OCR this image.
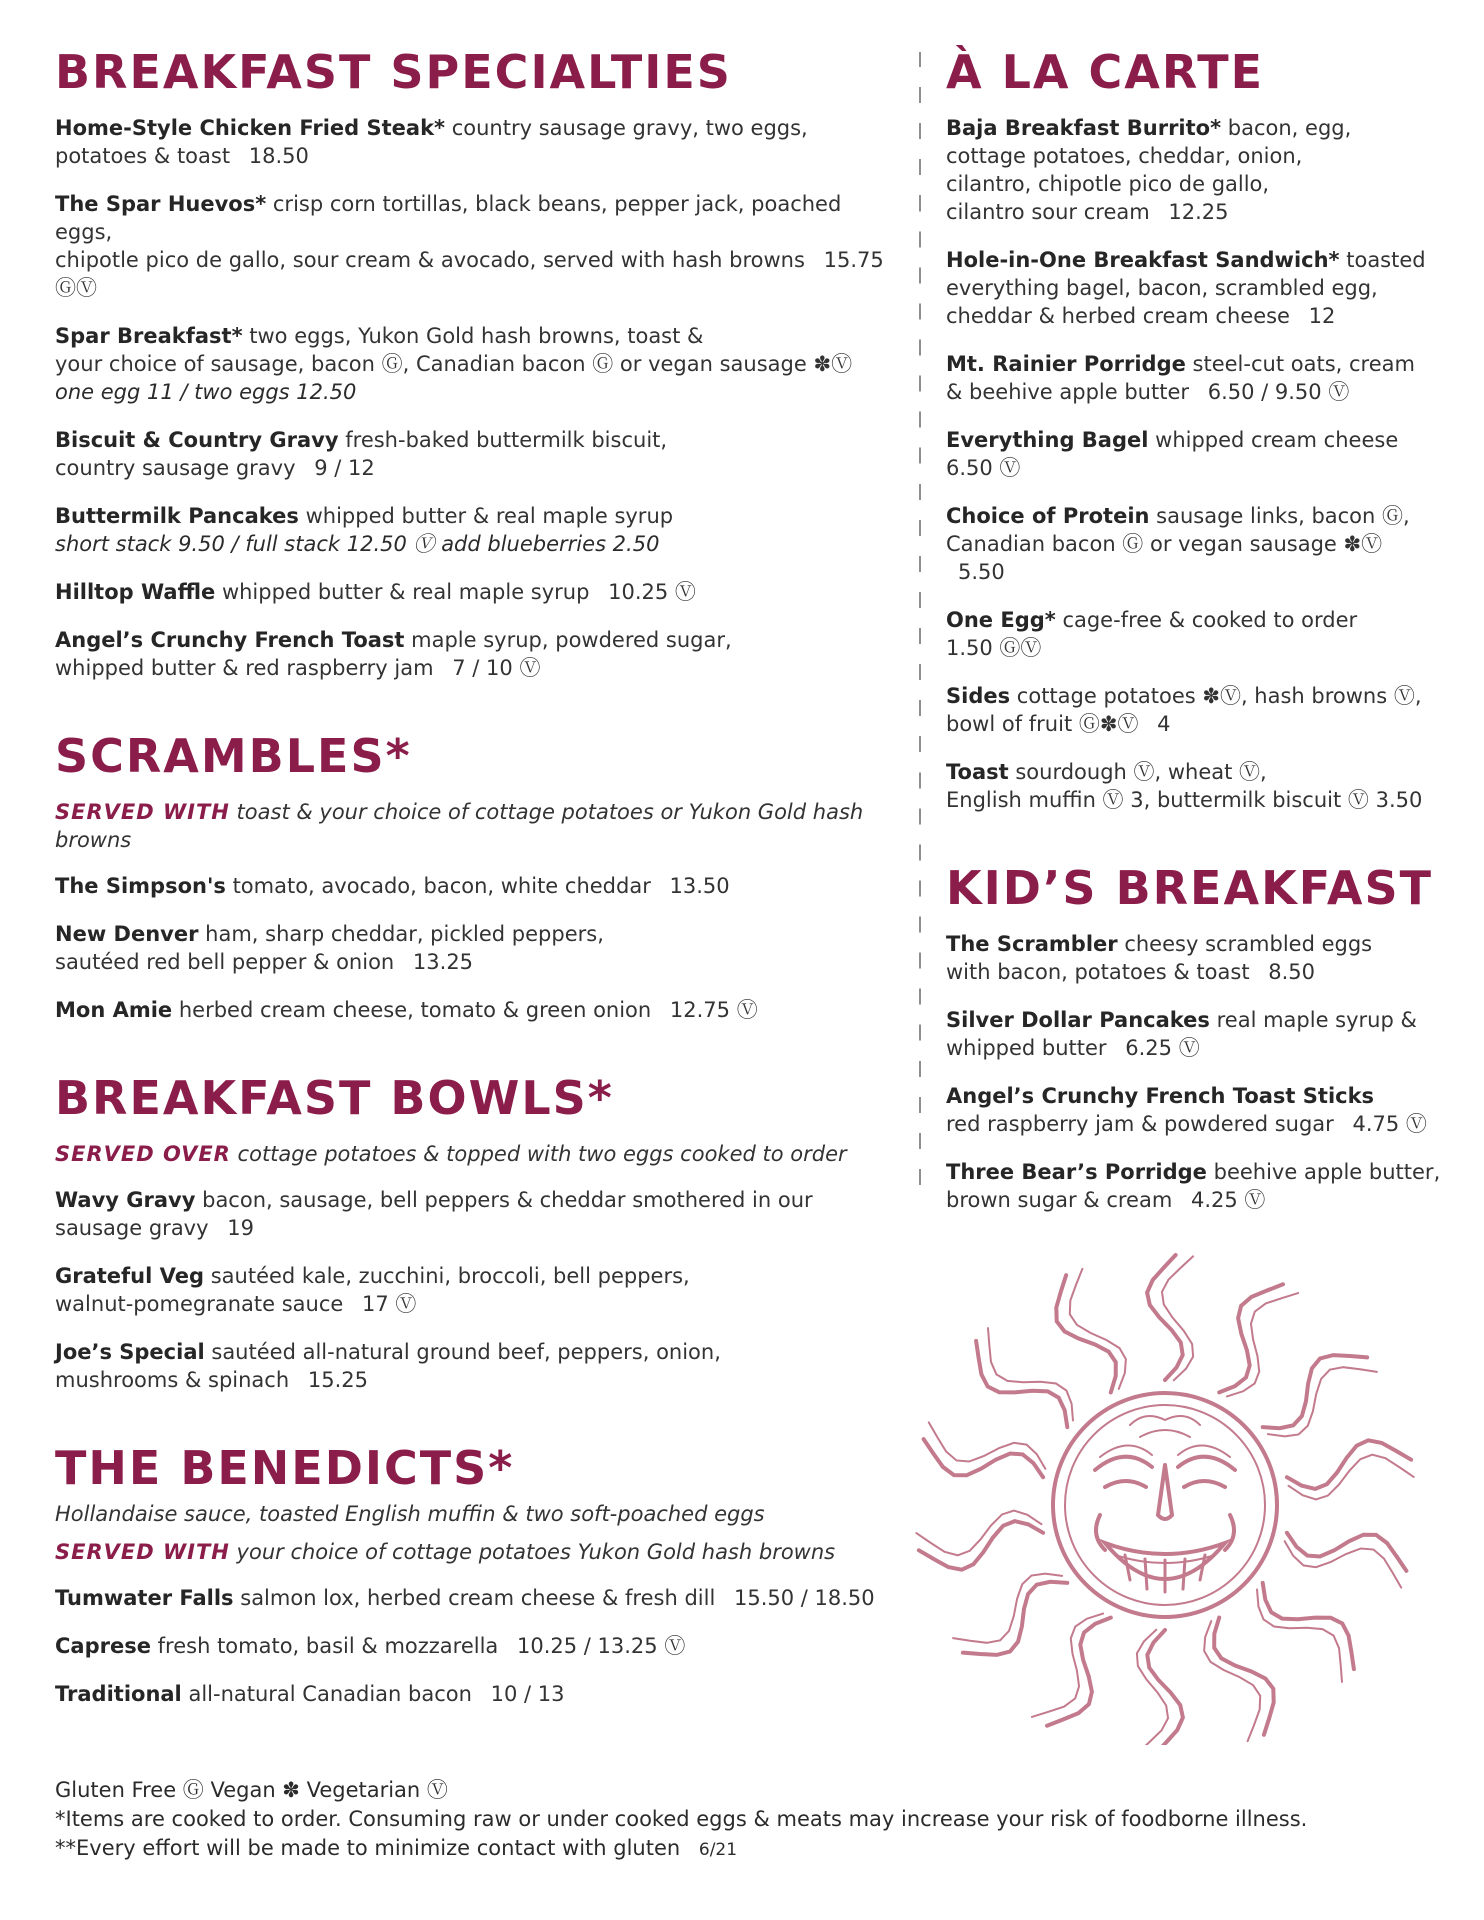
BREAKFAST SPECIALTIES
Home-Style Chicken Fried Steak* country sausage gravy, two eggs,
potatoes & toast 18.50
The Spar Huevos* crisp corn tortillas, black beans, pepper jack, poached eggs,
chipotle pico de gallo, sour cream & avocado, served with hash browns 15.75 ⒼⓋ
Spar Breakfast* two eggs, Yukon Gold hash browns, toast &
your choice of sausage, bacon Ⓖ, Canadian bacon Ⓖ or vegan sausage ✽Ⓥ
one egg 11 / two eggs 12.50
Biscuit & Country Gravy fresh-baked buttermilk biscuit,
country sausage gravy 9 / 12
Buttermilk Pancakes whipped butter & real maple syrup
short stack 9.50 / full stack 12.50 Ⓥ add blueberries 2.50
Hilltop Waffle whipped butter & real maple syrup 10.25 Ⓥ
Angel’s Crunchy French Toast maple syrup, powdered sugar,
whipped butter & red raspberry jam 7 / 10 Ⓥ
SCRAMBLES*
SERVED WITH toast & your choice of cottage potatoes or Yukon Gold hash browns
The Simpson's tomato, avocado, bacon, white cheddar 13.50
New Denver ham, sharp cheddar, pickled peppers,
sautéed red bell pepper & onion 13.25
Mon Amie herbed cream cheese, tomato & green onion 12.75 Ⓥ
BREAKFAST BOWLS*
SERVED OVER cottage potatoes & topped with two eggs cooked to order
Wavy Gravy bacon, sausage, bell peppers & cheddar smothered in our
sausage gravy 19
Grateful Veg sautéed kale, zucchini, broccoli, bell peppers,
walnut-pomegranate sauce 17 Ⓥ
Joe’s Special sautéed all-natural ground beef, peppers, onion,
mushrooms & spinach 15.25
THE BENEDICTS*
Hollandaise sauce, toasted English muffin & two soft-poached eggs
SERVED WITH your choice of cottage potatoes Yukon Gold hash browns
Tumwater Falls salmon lox, herbed cream cheese & fresh dill 15.50 / 18.50
Caprese fresh tomato, basil & mozzarella 10.25 / 13.25 Ⓥ
Traditional all-natural Canadian bacon 10 / 13
À LA CARTE
Baja Breakfast Burrito* bacon, egg,
cottage potatoes, cheddar, onion,
cilantro, chipotle pico de gallo,
cilantro sour cream 12.25
Hole-in-One Breakfast Sandwich* toasted
everything bagel, bacon, scrambled egg,
cheddar & herbed cream cheese 12
Mt. Rainier Porridge steel-cut oats, cream
& beehive apple butter 6.50 / 9.50 Ⓥ
Everything Bagel whipped cream cheese
6.50 Ⓥ
Choice of Protein sausage links, bacon Ⓖ,
Canadian bacon Ⓖ or vegan sausage ✽Ⓥ 5.50
One Egg* cage-free & cooked to order
1.50 ⒼⓋ
Sides cottage potatoes ✽Ⓥ, hash browns Ⓥ,
bowl of fruit Ⓖ✽Ⓥ 4
Toast sourdough Ⓥ, wheat Ⓥ,
English muffin Ⓥ 3, buttermilk biscuit Ⓥ 3.50
KID’S BREAKFAST
The Scrambler cheesy scrambled eggs
with bacon, potatoes & toast 8.50
Silver Dollar Pancakes real maple syrup &
whipped butter 6.25 Ⓥ
Angel’s Crunchy French Toast Sticks
red raspberry jam & powdered sugar 4.75 Ⓥ
Three Bear’s Porridge beehive apple butter,
brown sugar & cream 4.25 Ⓥ
Gluten Free Ⓖ Vegan ✽ Vegetarian Ⓥ
*Items are cooked to order. Consuming raw or under cooked eggs & meats may increase your risk of foodborne illness.
**Every effort will be made to minimize contact with gluten 6/21
